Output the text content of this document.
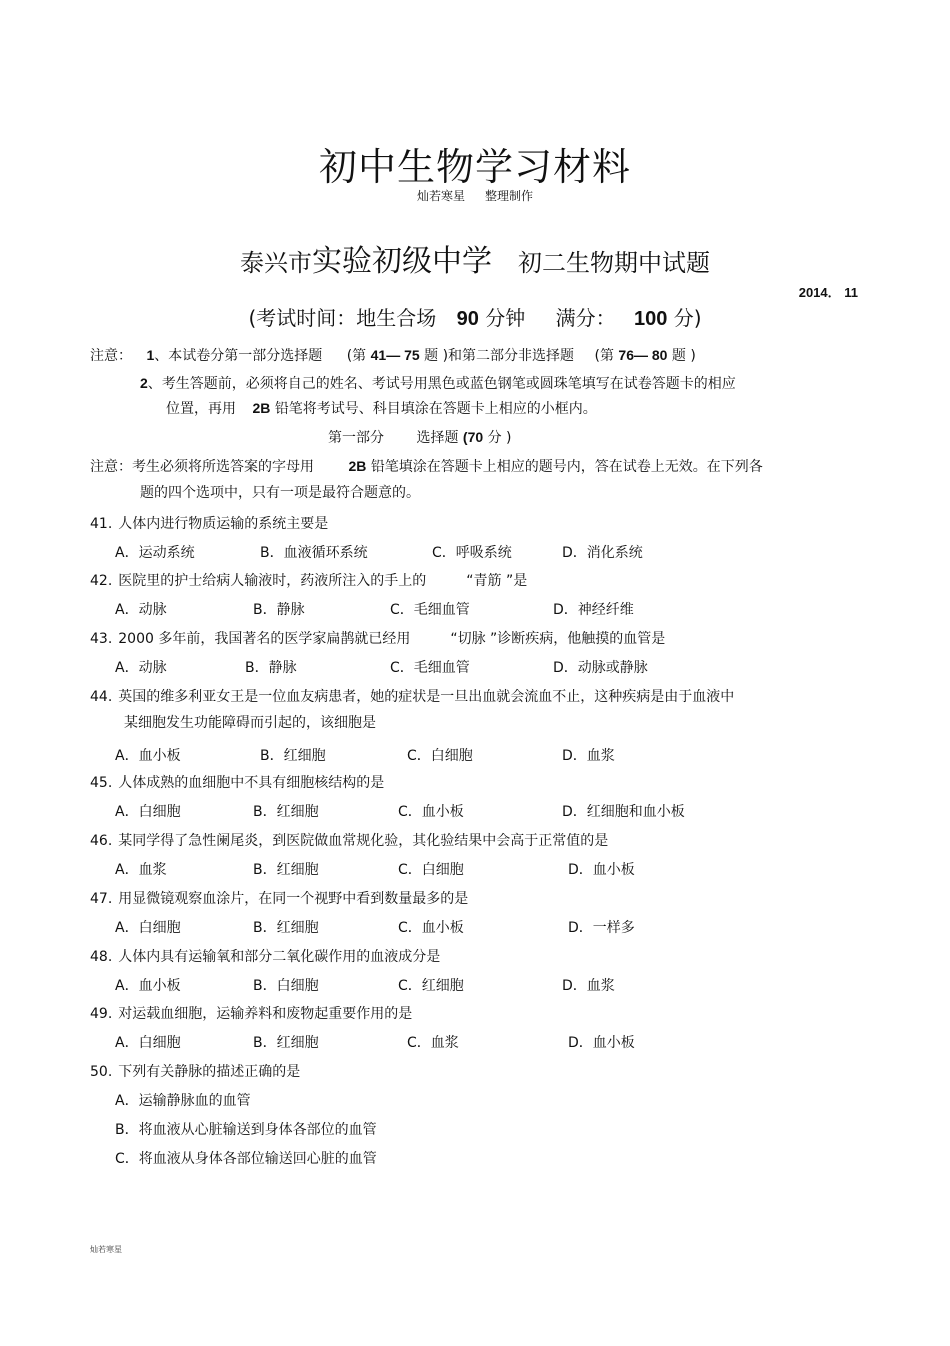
初中生物学习材料
灿若寒星 整理制作
泰兴市实验初级中学 初二生物期中试题
2014． 11
(考试时间：地生合场 90 分钟 满分： 100 分)
注意： 1、本试卷分第一部分选择题 (第 41— 75 题 )和第二部分非选择题 (第 76— 80 题 )
2、考生答题前，必须将自己的姓名、考试号用黑色或蓝色钢笔或圆珠笔填写在试卷答题卡的相应
位置，再用 2B 铅笔将考试号、科目填涂在答题卡上相应的小框内。
第一部分 选择题 (70 分 )
注意：考生必须将所选答案的字母用 2B 铅笔填涂在答题卡上相应的题号内，答在试卷上无效。在下列各
题的四个选项中，只有一项是最符合题意的。
41. 人体内进行物质运输的系统主要是
A．运动系统	B．血液循环系统	C．呼吸系统	D．消化系统
42. 医院里的护士给病人输液时，药液所注入的手上的	“青筋 ”是
A．动脉	B．静脉	C．毛细血管	D．神经纤维
43. 2000 多年前，我国著名的医学家扁鹊就已经用	“切脉 ”诊断疾病，他触摸的血管是
A．动脉	B．静脉	C．毛细血管	D．动脉或静脉
44. 英国的维多利亚女王是一位血友病患者，她的症状是一旦出血就会流血不止，这种疾病是由于血液中
某细胞发生功能障碍而引起的，该细胞是
A．血小板	B．红细胞	C．白细胞	D．血浆
45. 人体成熟的血细胞中不具有细胞核结构的是
A．白细胞	B．红细胞	C．血小板	D．红细胞和血小板
46. 某同学得了急性阑尾炎，到医院做血常规化验，其化验结果中会高于正常值的是
A．血浆	B．红细胞	C．白细胞	D．血小板
47. 用显微镜观察血涂片，在同一个视野中看到数量最多的是
A．白细胞	B．红细胞	C．血小板	D．一样多
48. 人体内具有运输氧和部分二氧化碳作用的血液成分是
A．血小板	B．白细胞	C．红细胞	D．血浆
49. 对运载血细胞，运输养料和废物起重要作用的是
A．白细胞	B．红细胞	C．血浆	D．血小板
50. 下列有关静脉的描述正确的是
A．运输静脉血的血管
B．将血液从心脏输送到身体各部位的血管
C．将血液从身体各部位输送回心脏的血管
灿若寒星
